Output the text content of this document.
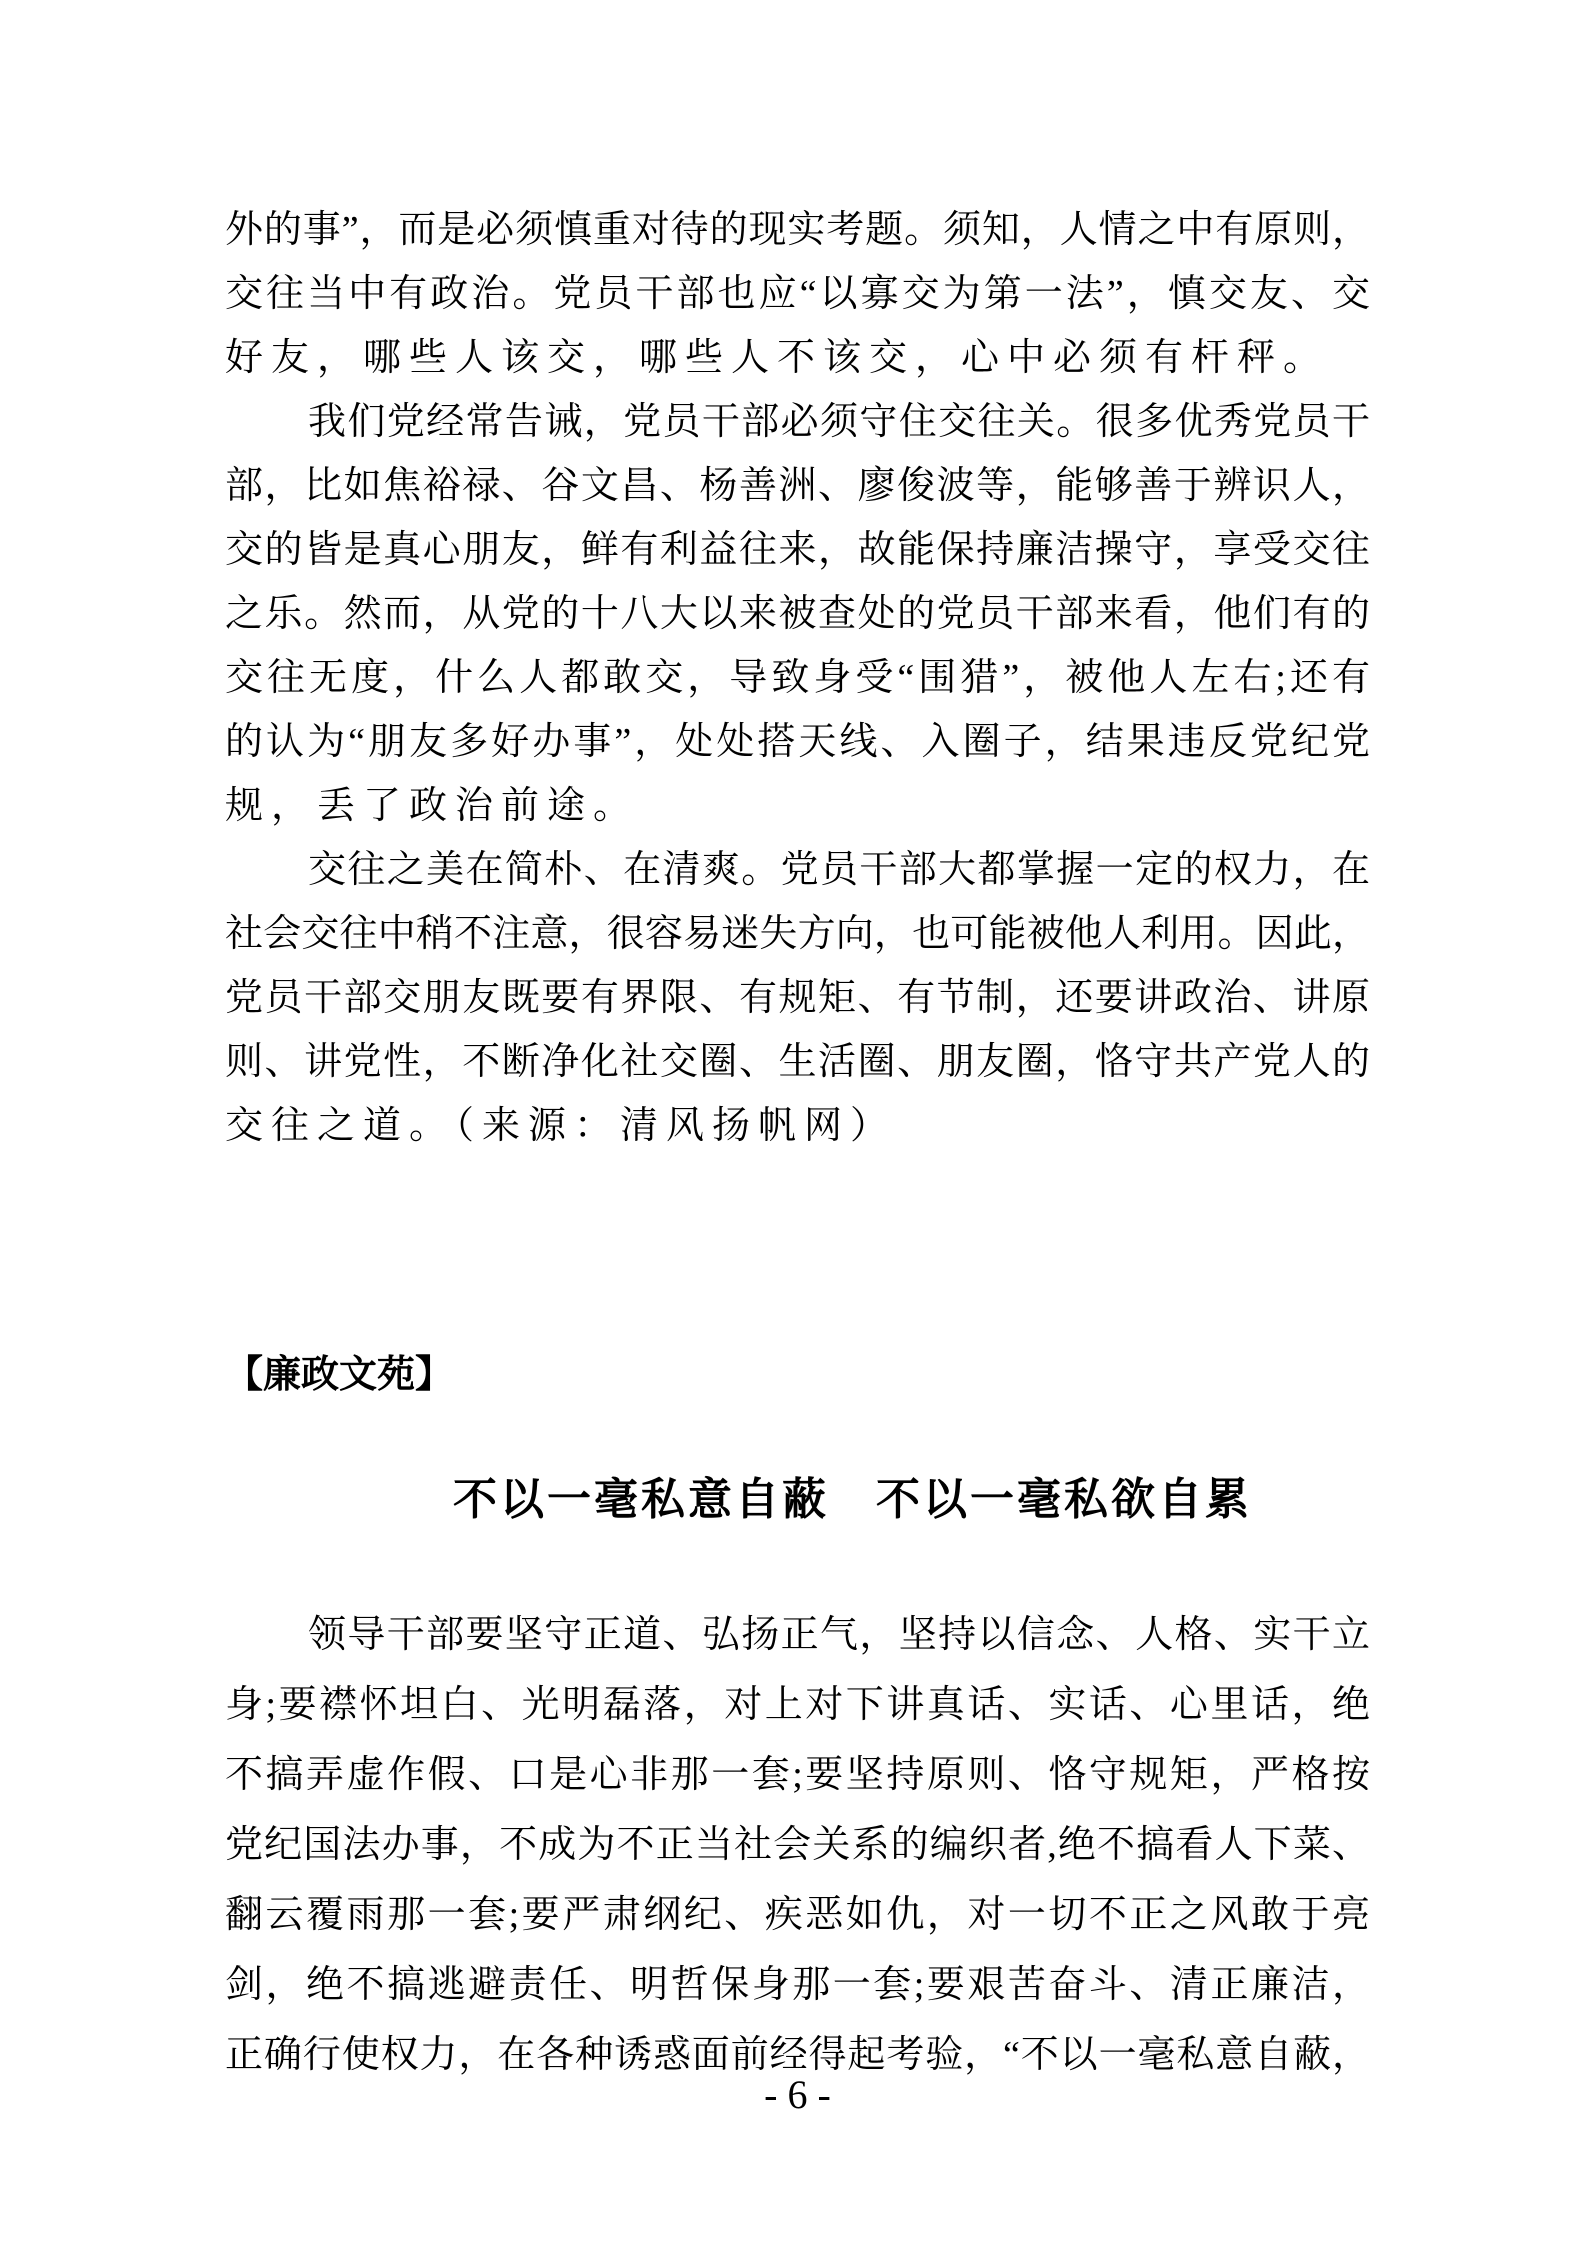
外的事”，而是必须慎重对待的现实考题。须知，人情之中有原则，
交往当中有政治。党员干部也应“以寡交为第一法”，慎交友、交
好友，哪些人该交，哪些人不该交，心中必须有杆秤。
我们党经常告诫，党员干部必须守住交往关。很多优秀党员干
部，比如焦裕禄、谷文昌、杨善洲、廖俊波等，能够善于辨识人，
交的皆是真心朋友，鲜有利益往来，故能保持廉洁操守，享受交往
之乐。然而，从党的十八大以来被查处的党员干部来看，他们有的
交往无度，什么人都敢交，导致身受“围猎”，被他人左右;还有
的认为“朋友多好办事”，处处搭天线、入圈子，结果违反党纪党
规，丢了政治前途。
交往之美在简朴、在清爽。党员干部大都掌握一定的权力，在
社会交往中稍不注意，很容易迷失方向，也可能被他人利用。因此，
党员干部交朋友既要有界限、有规矩、有节制，还要讲政治、讲原
则、讲党性，不断净化社交圈、生活圈、朋友圈，恪守共产党人的
交往之道。（来源：清风扬帆网）
【廉政文苑】
不以一毫私意自蔽　不以一毫私欲自累
领导干部要坚守正道、弘扬正气，坚持以信念、人格、实干立
身;要襟怀坦白、光明磊落，对上对下讲真话、实话、心里话，绝
不搞弄虚作假、口是心非那一套;要坚持原则、恪守规矩，严格按
党纪国法办事，不成为不正当社会关系的编织者,绝不搞看人下菜、
翻云覆雨那一套;要严肃纲纪、疾恶如仇，对一切不正之风敢于亮
剑，绝不搞逃避责任、明哲保身那一套;要艰苦奋斗、清正廉洁，
正确行使权力，在各种诱惑面前经得起考验，“不以一毫私意自蔽，
- 6 -
